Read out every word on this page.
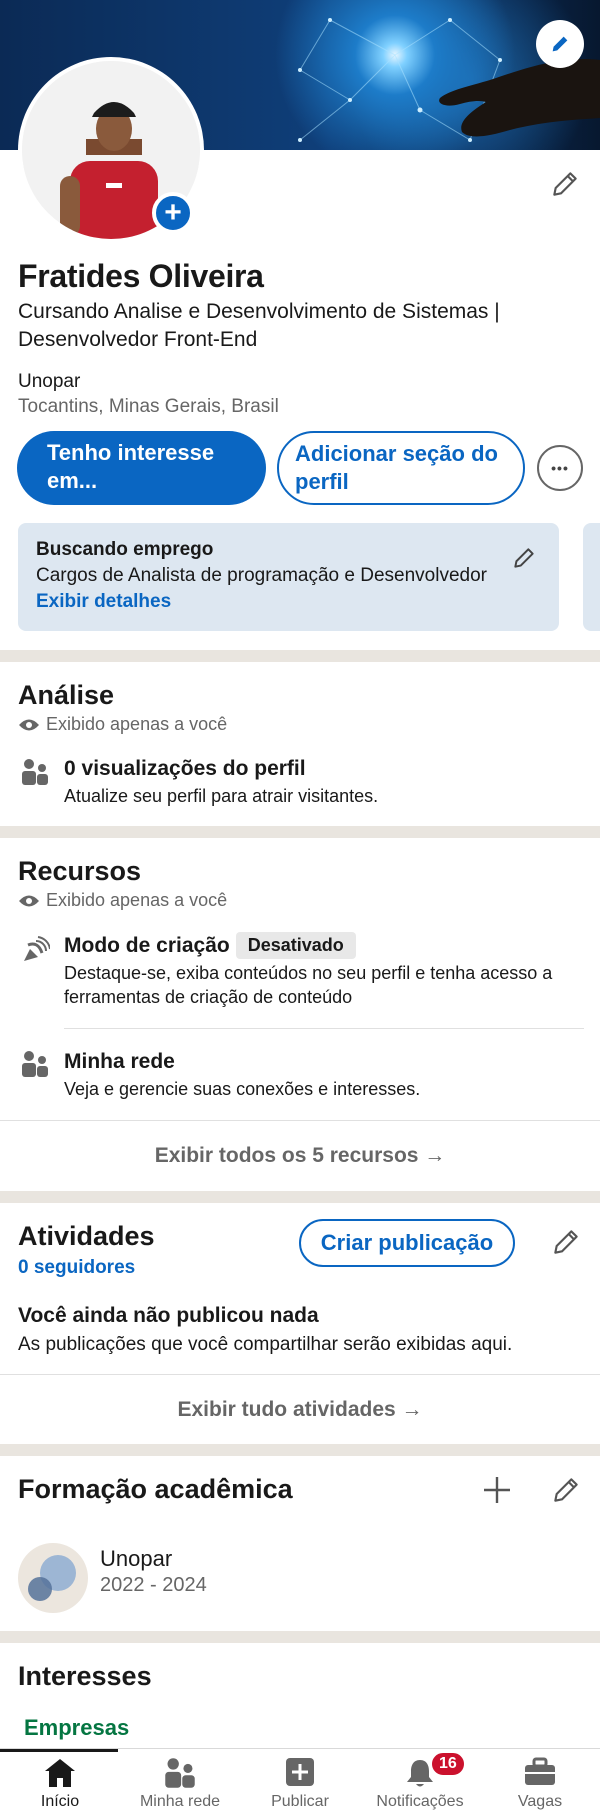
+
Fratides Oliveira
Cursando Analise e Desenvolvimento de Sistemas | Desenvolvedor Front-End
Unopar
Tocantins, Minas Gerais, Brasil
Tenho interesse em...
Adicionar seção do perfil
•••
Buscando emprego
Cargos de Analista de programação e Desenvolvedor
Exibir detalhes
Análise
Exibido apenas a você
0 visualizações do perfil
Atualize seu perfil para atrair visitantes.
Recursos
Exibido apenas a você
Modo de criação	Desativado
Destaque-se, exiba conteúdos no seu perfil e tenha acesso a ferramentas de criação de conteúdo
Minha rede
Veja e gerencie suas conexões e interesses.
Exibir todos os 5 recursos →
Atividades
0 seguidores
Criar publicação
Você ainda não publicou nada
As publicações que você compartilhar serão exibidas aqui.
Exibir tudo atividades →
Formação acadêmica
Unopar
2022 - 2024
Interesses
Empresas
Início	Minha rede	Publicar
16
Notificações	Vagas
